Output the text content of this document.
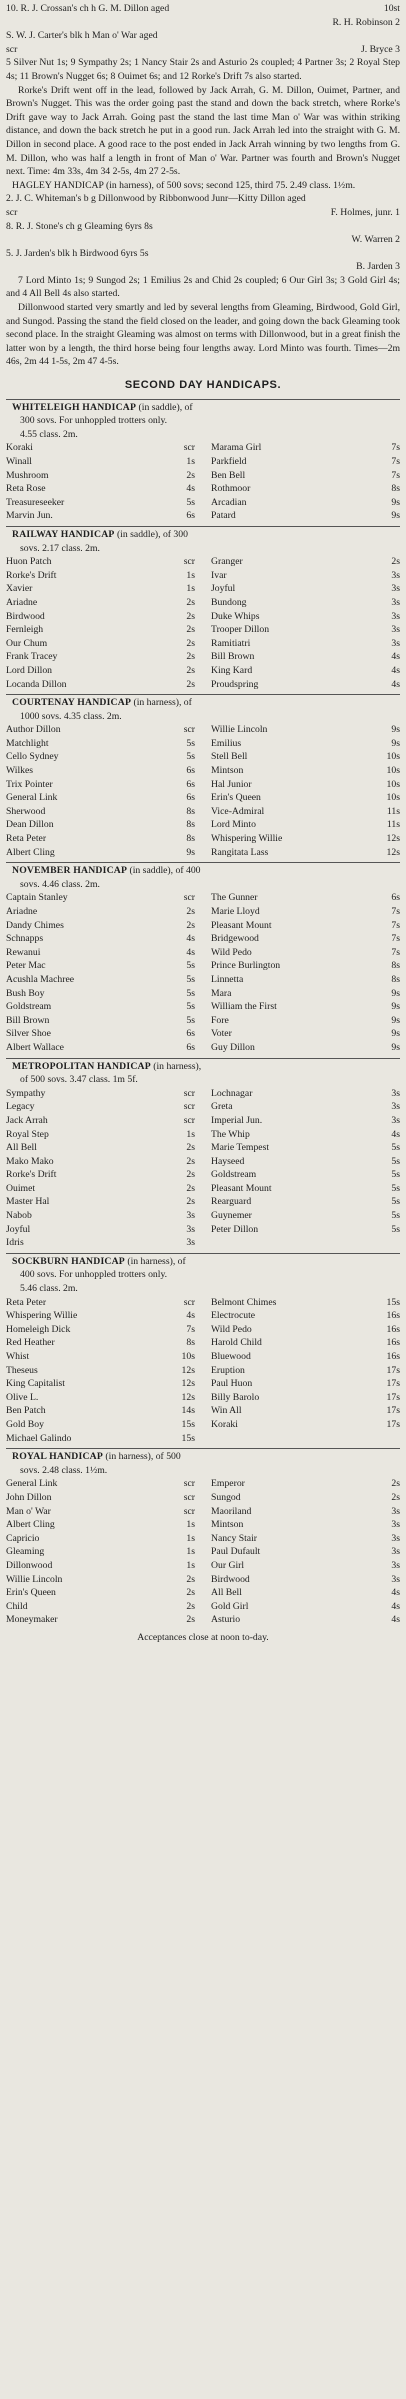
10. R. J. Crossan's ch h G. M. Dillon aged	10st
R. H. Robinson 2
S. W. J. Carter's blk h Man o' War aged
scr	J. Bryce 3

5 Silver Nut 1s; 9 Sympathy 2s; 1 Nancy Stair 2s and Asturio 2s coupled; 4 Partner 3s; 2 Royal Step 4s; 11 Brown's Nugget 6s; 8 Ouimet 6s; and 12 Rorke's Drift 7s also started.

Rorke's Drift went off in the lead, followed by Jack Arrah, G. M. Dillon, Ouimet, Partner, and Brown's Nugget. This was the order going past the stand and down the back stretch, where Rorke's Drift gave way to Jack Arrah. Going past the stand the last time Man o' War was within striking distance, and down the back stretch he put in a good run. Jack Arrah led into the straight with G. M. Dillon in second place. A good race to the post ended in Jack Arrah winning by two lengths from G. M. Dillon, who was half a length in front of Man o' War. Partner was fourth and Brown's Nugget next. Time: 4m 33s, 4m 34 2-5s, 4m 27 2-5s.

HAGLEY HANDICAP (in harness), of 500 sovs; second 125, third 75. 2.49 class. 1½m.

2. J. C. Whiteman's b g Dillonwood by Ribbonwood Junr—Kitty Dillon aged

scr	F. Holmes, junr. 1
8. R. J. Stone's ch g Gleaming 6yrs 8s
W. Warren 2
5. J. Jarden's blk h Birdwood 6yrs 5s
B. Jarden 3

7 Lord Minto 1s; 9 Sungod 2s; 1 Emilius 2s and Chid 2s coupled; 6 Our Girl 3s; 3 Gold Girl 4s; and 4 All Bell 4s also started.

Dillonwood started very smartly and led by several lengths from Gleaming, Birdwood, Gold Girl, and Sungod. Passing the stand the field closed on the leader, and going down the back Gleaming took second place. In the straight Gleaming was almost on terms with Dillonwood, but in a great finish the latter won by a length, the third horse being four lengths away. Lord Minto was fourth. Times—2m 46s, 2m 44 1-5s, 2m 47 4-5s.

SECOND DAY HANDICAPS.

WHITELEIGH HANDICAP (in saddle), of

300 sovs. For unhoppled trotters only.

4.55 class. 2m.

Koraki	scr	Marama Girl	7s
Winall	1s	Parkfield	7s
Mushroom	2s	Ben Bell	7s
Reta Rose	4s	Rothmoor	8s
Treasureseeker	5s	Arcadian	9s
Marvin Jun.	6s	Patard	9s

RAILWAY HANDICAP (in saddle), of 300

sovs. 2.17 class. 2m.

Huon Patch	scr	Granger	2s
Rorke's Drift	1s	Ivar	3s
Xavier	1s	Joyful	3s
Ariadne	2s	Bundong	3s
Birdwood	2s	Duke Whips	3s
Fernleigh	2s	Trooper Dillon	3s
Our Chum	2s	Ramitiatri	3s
Frank Tracey	2s	Bill Brown	4s
Lord Dillon	2s	King Kard	4s
Locanda Dillon	2s	Proudspring	4s

COURTENAY HANDICAP (in harness), of

1000 sovs. 4.35 class. 2m.

Author Dillon	scr	Willie Lincoln	9s
Matchlight	5s	Emilius	9s
Cello Sydney	5s	Stell Bell	10s
Wilkes	6s	Mintson	10s
Trix Pointer	6s	Hal Junior	10s
General Link	6s	Erin's Queen	10s
Sherwood	8s	Vice-Admiral	11s
Dean Dillon	8s	Lord Minto	11s
Reta Peter	8s	Whispering Willie	12s
Albert Cling	9s	Rangitata Lass	12s

NOVEMBER HANDICAP (in saddle), of 400

sovs. 4.46 class. 2m.

Captain Stanley	scr	The Gunner	6s
Ariadne	2s	Marie Lloyd	7s
Dandy Chimes	2s	Pleasant Mount	7s
Schnapps	4s	Bridgewood	7s
Rewanui	4s	Wild Pedo	7s
Peter Mac	5s	Prince Burlington	8s
Acushla Machree	5s	Linnetta	8s
Bush Boy	5s	Mara	9s
Goldstream	5s	William the First	9s
Bill Brown	5s	Fore	9s
Silver Shoe	6s	Voter	9s
Albert Wallace	6s	Guy Dillon	9s

METROPOLITAN HANDICAP (in harness),

of 500 sovs. 3.47 class. 1m 5f.

Sympathy	scr	Lochnagar	3s
Legacy	scr	Greta	3s
Jack Arrah	scr	Imperial Jun.	3s
Royal Step	1s	The Whip	4s
All Bell	2s	Marie Tempest	5s
Mako Mako	2s	Hayseed	5s
Rorke's Drift	2s	Goldstream	5s
Ouimet	2s	Pleasant Mount	5s
Master Hal	2s	Rearguard	5s
Nabob	3s	Guynemer	5s
Joyful	3s	Peter Dillon	5s
Idris	3s

SOCKBURN HANDICAP (in harness), of

400 sovs. For unhoppled trotters only.

5.46 class. 2m.

Reta Peter	scr	Belmont Chimes	15s
Whispering Willie	4s	Electrocute	16s
Homeleigh Dick	7s	Wild Pedo	16s
Red Heather	8s	Harold Child	16s
Whist	10s	Bluewood	16s
Theseus	12s	Eruption	17s
King Capitalist	12s	Paul Huon	17s
Olive L.	12s	Billy Barolo	17s
Ben Patch	14s	Win All	17s
Gold Boy	15s	Koraki	17s
Michael Galindo	15s

ROYAL HANDICAP (in harness), of 500

sovs. 2.48 class. 1½m.

General Link	scr	Emperor	2s
John Dillon	scr	Sungod	2s
Man o' War	scr	Maoriland	3s
Albert Cling	1s	Mintson	3s
Capricio	1s	Nancy Stair	3s
Gleaming	1s	Paul Dufault	3s
Dillonwood	1s	Our Girl	3s
Willie Lincoln	2s	Birdwood	3s
Erin's Queen	2s	All Bell	4s
Child	2s	Gold Girl	4s
Moneymaker	2s	Asturio	4s

Acceptances close at noon to-day.
